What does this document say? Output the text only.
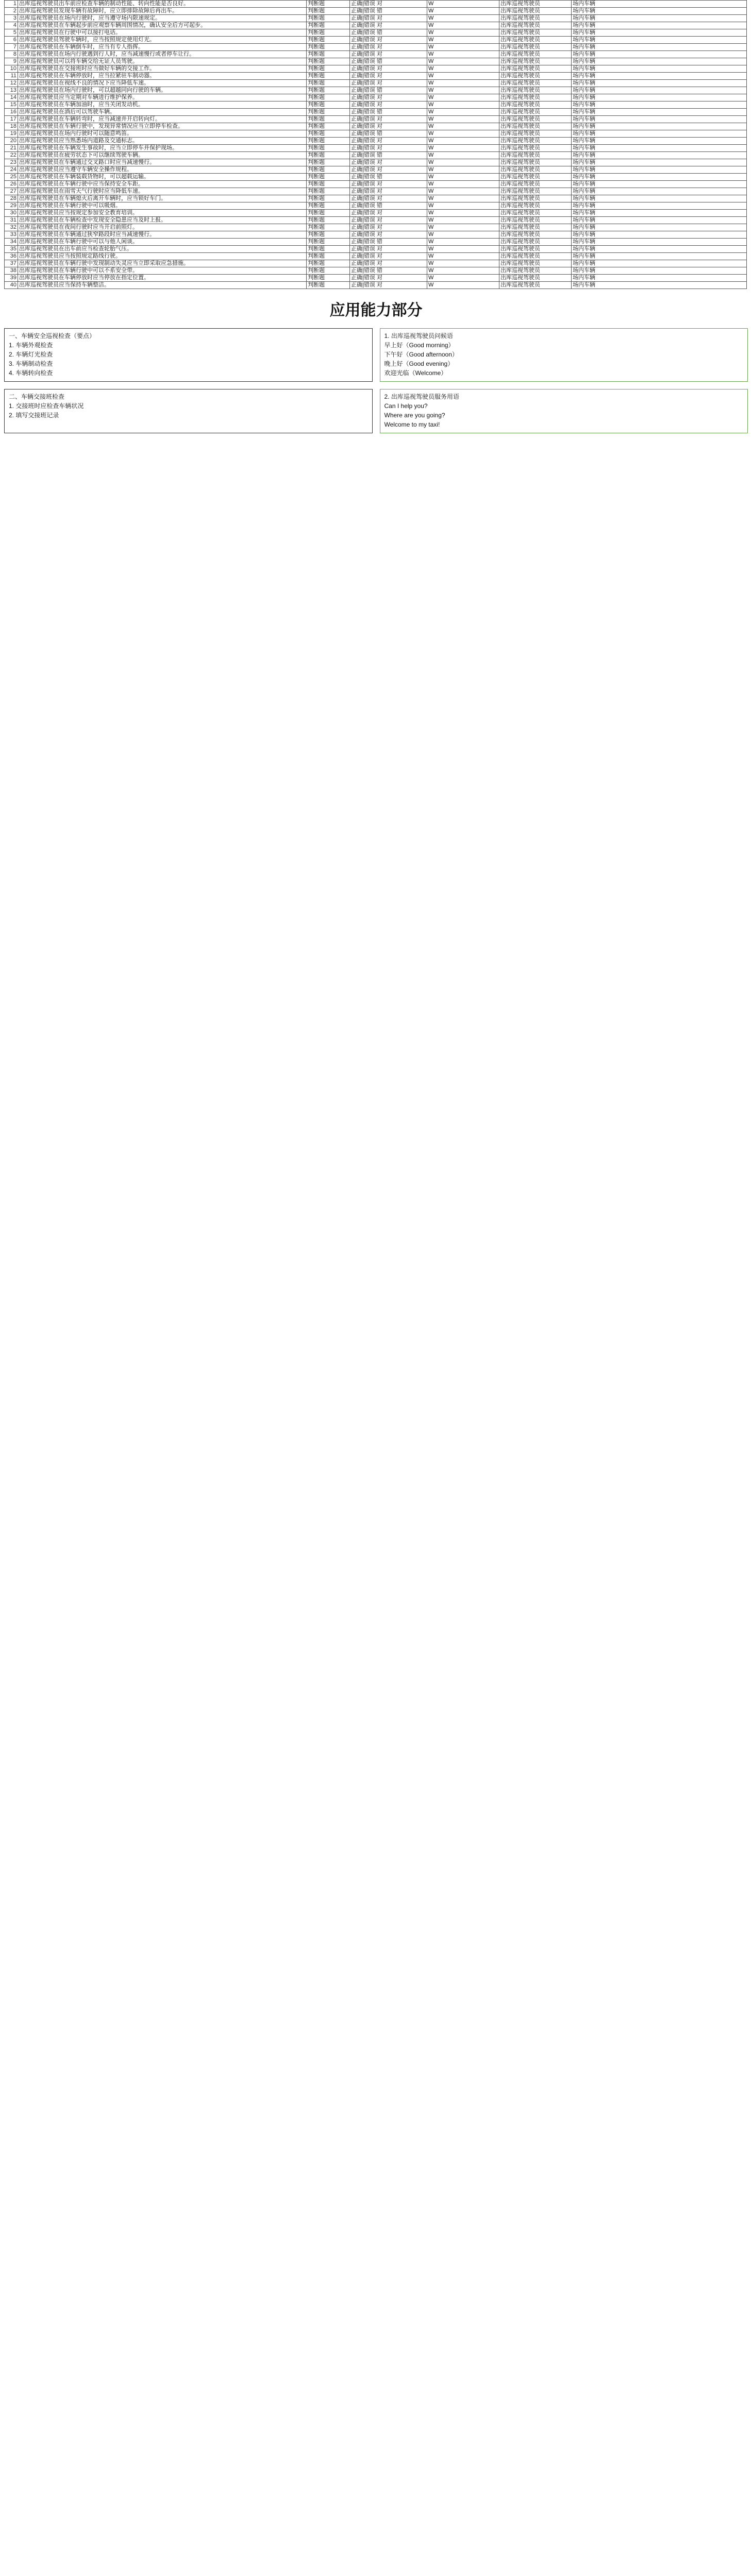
1	出库巡视驾驶员出车前应检查车辆的制动性能、转向性能是否良好。	判断题	正确|错误 对	W	出库巡视驾驶员	场内车辆
2	出库巡视驾驶员发现车辆有故障时，应立即排除故障后再出车。	判断题	正确|错误 错	W	出库巡视驾驶员	场内车辆
3	出库巡视驾驶员在场内行驶时，应当遵守场内限速规定。	判断题	正确|错误 对	W	出库巡视驾驶员	场内车辆
4	出库巡视驾驶员在车辆起步前应观察车辆周围情况，确认安全后方可起步。	判断题	正确|错误 对	W	出库巡视驾驶员	场内车辆
5	出库巡视驾驶员在行驶中可以接打电话。	判断题	正确|错误 错	W	出库巡视驾驶员	场内车辆
6	出库巡视驾驶员驾驶车辆时，应当按照规定使用灯光。	判断题	正确|错误 对	W	出库巡视驾驶员	场内车辆
7	出库巡视驾驶员在车辆倒车时，应当有专人指挥。	判断题	正确|错误 对	W	出库巡视驾驶员	场内车辆
8	出库巡视驾驶员在场内行驶遇到行人时，应当减速慢行或者停车让行。	判断题	正确|错误 对	W	出库巡视驾驶员	场内车辆
9	出库巡视驾驶员可以将车辆交给无证人员驾驶。	判断题	正确|错误 错	W	出库巡视驾驶员	场内车辆
10	出库巡视驾驶员在交接班时应当做好车辆的交接工作。	判断题	正确|错误 对	W	出库巡视驾驶员	场内车辆
11	出库巡视驾驶员在车辆停放时，应当拉紧驻车制动器。	判断题	正确|错误 对	W	出库巡视驾驶员	场内车辆
12	出库巡视驾驶员在视线不良的情况下应当降低车速。	判断题	正确|错误 对	W	出库巡视驾驶员	场内车辆
13	出库巡视驾驶员在场内行驶时，可以超越同向行驶的车辆。	判断题	正确|错误 错	W	出库巡视驾驶员	场内车辆
14	出库巡视驾驶员应当定期对车辆进行维护保养。	判断题	正确|错误 对	W	出库巡视驾驶员	场内车辆
15	出库巡视驾驶员在车辆加油时，应当关闭发动机。	判断题	正确|错误 对	W	出库巡视驾驶员	场内车辆
16	出库巡视驾驶员在酒后可以驾驶车辆。	判断题	正确|错误 错	W	出库巡视驾驶员	场内车辆
17	出库巡视驾驶员在车辆转弯时，应当减速并开启转向灯。	判断题	正确|错误 对	W	出库巡视驾驶员	场内车辆
18	出库巡视驾驶员在车辆行驶中，发现异常情况应当立即停车检查。	判断题	正确|错误 对	W	出库巡视驾驶员	场内车辆
19	出库巡视驾驶员在场内行驶时可以随意鸣笛。	判断题	正确|错误 错	W	出库巡视驾驶员	场内车辆
20	出库巡视驾驶员应当熟悉场内道路及交通标志。	判断题	正确|错误 对	W	出库巡视驾驶员	场内车辆
21	出库巡视驾驶员在车辆发生事故时，应当立即停车并保护现场。	判断题	正确|错误 对	W	出库巡视驾驶员	场内车辆
22	出库巡视驾驶员在疲劳状态下可以继续驾驶车辆。	判断题	正确|错误 错	W	出库巡视驾驶员	场内车辆
23	出库巡视驾驶员在车辆通过交叉路口时应当减速慢行。	判断题	正确|错误 对	W	出库巡视驾驶员	场内车辆
24	出库巡视驾驶员应当遵守车辆安全操作规程。	判断题	正确|错误 对	W	出库巡视驾驶员	场内车辆
25	出库巡视驾驶员在车辆装载货物时，可以超载运输。	判断题	正确|错误 错	W	出库巡视驾驶员	场内车辆
26	出库巡视驾驶员在车辆行驶中应当保持安全车距。	判断题	正确|错误 对	W	出库巡视驾驶员	场内车辆
27	出库巡视驾驶员在雨雪天气行驶时应当降低车速。	判断题	正确|错误 对	W	出库巡视驾驶员	场内车辆
28	出库巡视驾驶员在车辆熄火后离开车辆时，应当锁好车门。	判断题	正确|错误 对	W	出库巡视驾驶员	场内车辆
29	出库巡视驾驶员在车辆行驶中可以吸烟。	判断题	正确|错误 错	W	出库巡视驾驶员	场内车辆
30	出库巡视驾驶员应当按规定参加安全教育培训。	判断题	正确|错误 对	W	出库巡视驾驶员	场内车辆
31	出库巡视驾驶员在车辆检查中发现安全隐患应当及时上报。	判断题	正确|错误 对	W	出库巡视驾驶员	场内车辆
32	出库巡视驾驶员在夜间行驶时应当开启前照灯。	判断题	正确|错误 对	W	出库巡视驾驶员	场内车辆
33	出库巡视驾驶员在车辆通过狭窄路段时应当减速慢行。	判断题	正确|错误 对	W	出库巡视驾驶员	场内车辆
34	出库巡视驾驶员在车辆行驶中可以与他人闲谈。	判断题	正确|错误 错	W	出库巡视驾驶员	场内车辆
35	出库巡视驾驶员在出车前应当检查轮胎气压。	判断题	正确|错误 对	W	出库巡视驾驶员	场内车辆
36	出库巡视驾驶员应当按照规定路线行驶。	判断题	正确|错误 对	W	出库巡视驾驶员	场内车辆
37	出库巡视驾驶员在车辆行驶中发现制动失灵应当立即采取应急措施。	判断题	正确|错误 对	W	出库巡视驾驶员	场内车辆
38	出库巡视驾驶员在车辆行驶中可以不系安全带。	判断题	正确|错误 错	W	出库巡视驾驶员	场内车辆
39	出库巡视驾驶员在车辆停放时应当停放在指定位置。	判断题	正确|错误 对	W	出库巡视驾驶员	场内车辆
40	出库巡视驾驶员应当保持车辆整洁。	判断题	正确|错误 对	W	出库巡视驾驶员	场内车辆
应用能力部分

一、车辆安全巡视检查（要点）

1. 车辆外观检查

2. 车辆灯光检查

3. 车辆制动检查

4. 车辆转向检查

1. 出库巡视驾驶员问候语

早上好（Good morning）

下午好（Good afternoon）

晚上好（Good evening）

欢迎光临（Welcome）

二、车辆交接班检查

1. 交接班时应检查车辆状况

2. 填写交接班记录

2. 出库巡视驾驶员服务用语

Can I help you?

Where are you going?

Welcome to my taxi!
